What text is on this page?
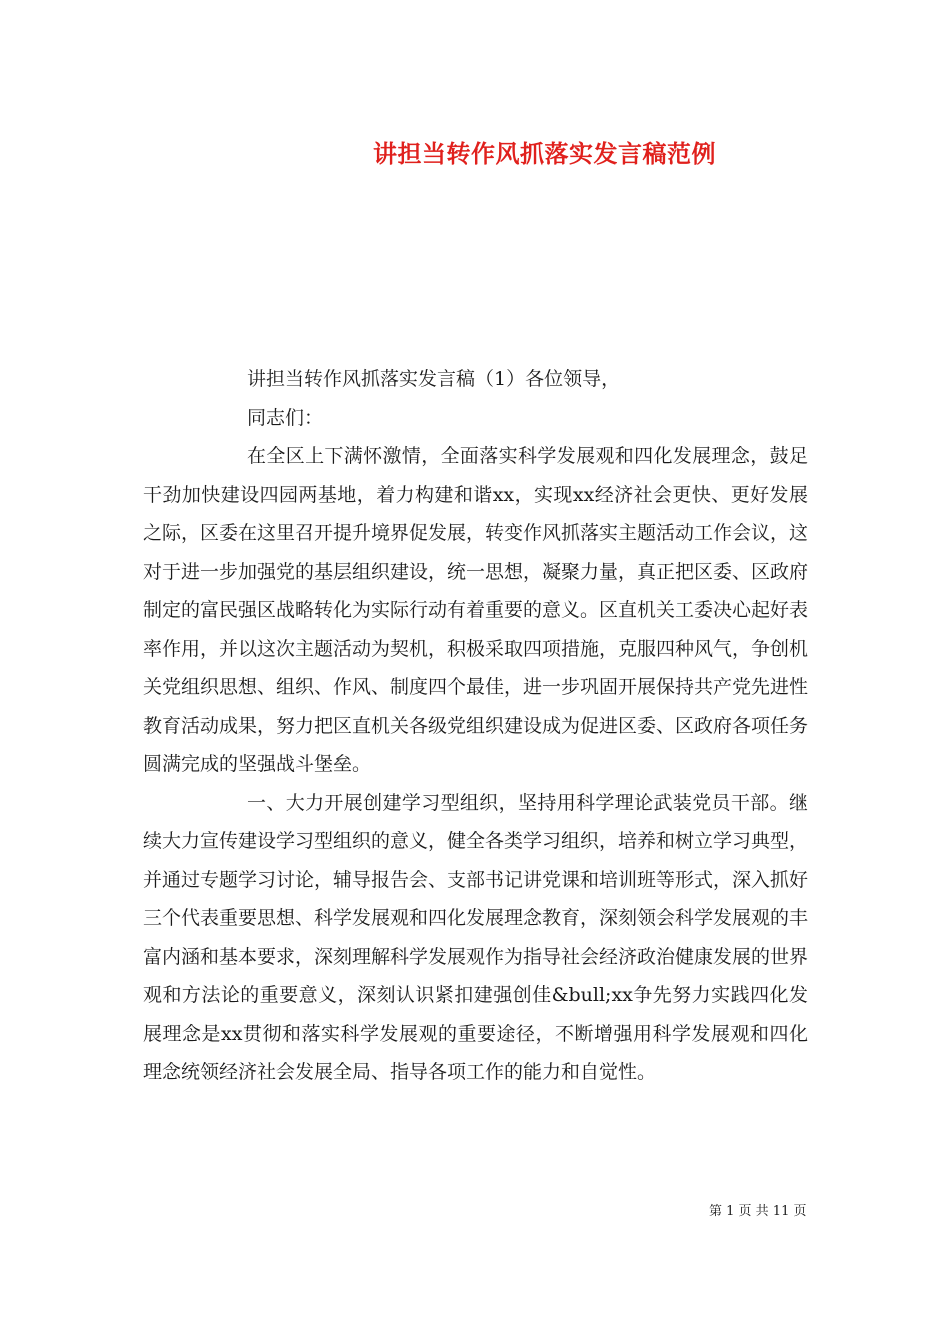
讲担当转作风抓落实发言稿范例

讲担当转作风抓落实发言稿（1）各位领导，

同志们：

在全区上下满怀激情，全面落实科学发展观和四化发展理念，鼓足干劲加快建设四园两基地，着力构建和谐xx，实现xx经济社会更快、更好发展之际，区委在这里召开提升境界促发展，转变作风抓落实主题活动工作会议，这对于进一步加强党的基层组织建设，统一思想，凝聚力量，真正把区委、区政府制定的富民强区战略转化为实际行动有着重要的意义。区直机关工委决心起好表率作用，并以这次主题活动为契机，积极采取四项措施，克服四种风气，争创机关党组织思想、组织、作风、制度四个最佳，进一步巩固开展保持共产党先进性教育活动成果，努力把区直机关各级党组织建设成为促进区委、区政府各项任务圆满完成的坚强战斗堡垒。

一、大力开展创建学习型组织，坚持用科学理论武装党员干部。继续大力宣传建设学习型组织的意义，健全各类学习组织，培养和树立学习典型，并通过专题学习讨论，辅导报告会、支部书记讲党课和培训班等形式，深入抓好三个代表重要思想、科学发展观和四化发展理念教育，深刻领会科学发展观的丰富内涵和基本要求，深刻理解科学发展观作为指导社会经济政治健康发展的世界观和方法论的重要意义，深刻认识紧扣建强创佳&bull;xx争先努力实践四化发展理念是xx贯彻和落实科学发展观的重要途径，不断增强用科学发展观和四化理念统领经济社会发展全局、指导各项工作的能力和自觉性。

第 1 页 共 11 页
